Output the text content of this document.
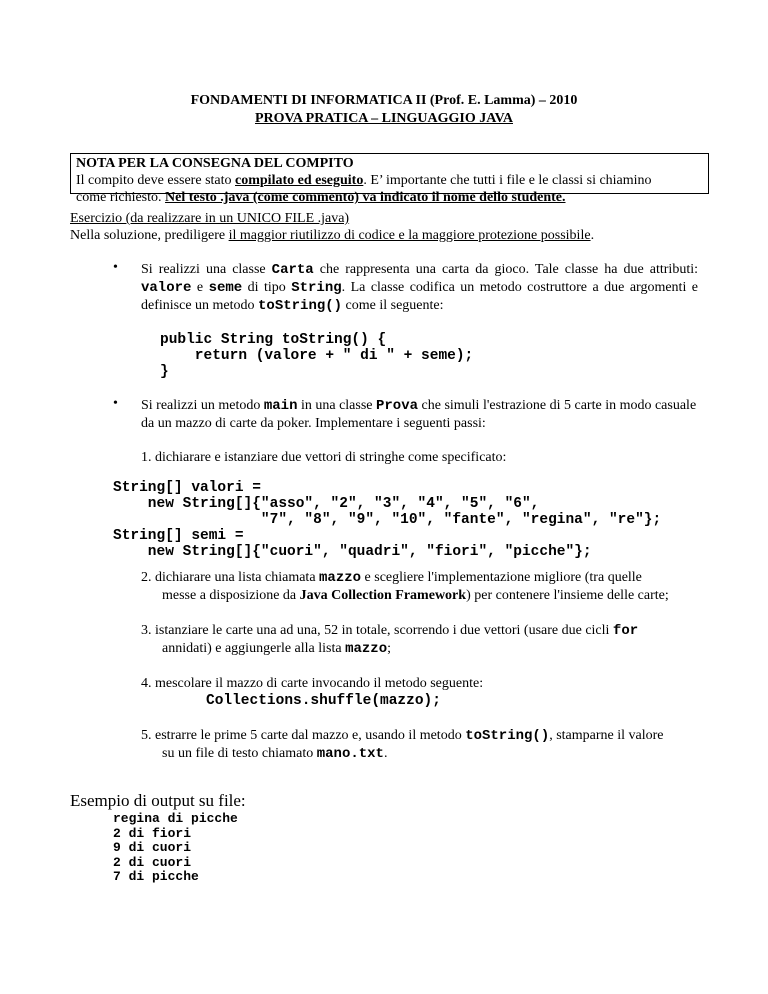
FONDAMENTI DI INFORMATICA II (Prof. E. Lamma) – 2010
PROVA PRATICA – LINGUAGGIO JAVA
NOTA PER LA CONSEGNA DEL COMPITO
Il compito deve essere stato compilato ed eseguito. E’ importante che tutti i file e le classi si chiamino
come richiesto. Nel testo .java (come commento) va indicato il nome dello studente.
Esercizio (da realizzare in un UNICO FILE .java)
Nella soluzione, prediligere il maggior riutilizzo di codice e la maggiore protezione possibile.
• Si realizzi una classe Carta che rappresenta una carta da gioco. Tale classe ha due attributi:
valore e seme di tipo String. La classe codifica un metodo costruttore a due argomenti e
definisce un metodo toString() come il seguente:
public String toString() {
return (valore + " di " + seme);
}
• Si realizzi un metodo main in una classe Prova che simuli l'estrazione di 5 carte in modo casuale
da un mazzo di carte da poker. Implementare i seguenti passi:
1. dichiarare e istanziare due vettori di stringhe come specificato:
String[] valori =
new String[]{"asso", "2", "3", "4", "5", "6",
"7", "8", "9", "10", "fante", "regina", "re"};
String[] semi =
new String[]{"cuori", "quadri", "fiori", "picche"};
2. dichiarare una lista chiamata mazzo e scegliere l'implementazione migliore (tra quelle
messe a disposizione da Java Collection Framework) per contenere l'insieme delle carte;
3. istanziare le carte una ad una, 52 in totale, scorrendo i due vettori (usare due cicli for
annidati) e aggiungerle alla lista mazzo;
4. mescolare il mazzo di carte invocando il metodo seguente:
Collections.shuffle(mazzo);
5. estrarre le prime 5 carte dal mazzo e, usando il metodo toString(), stamparne il valore
su un file di testo chiamato mano.txt.
Esempio di output su file:
regina di picche
2 di fiori
9 di cuori
2 di cuori
7 di picche
